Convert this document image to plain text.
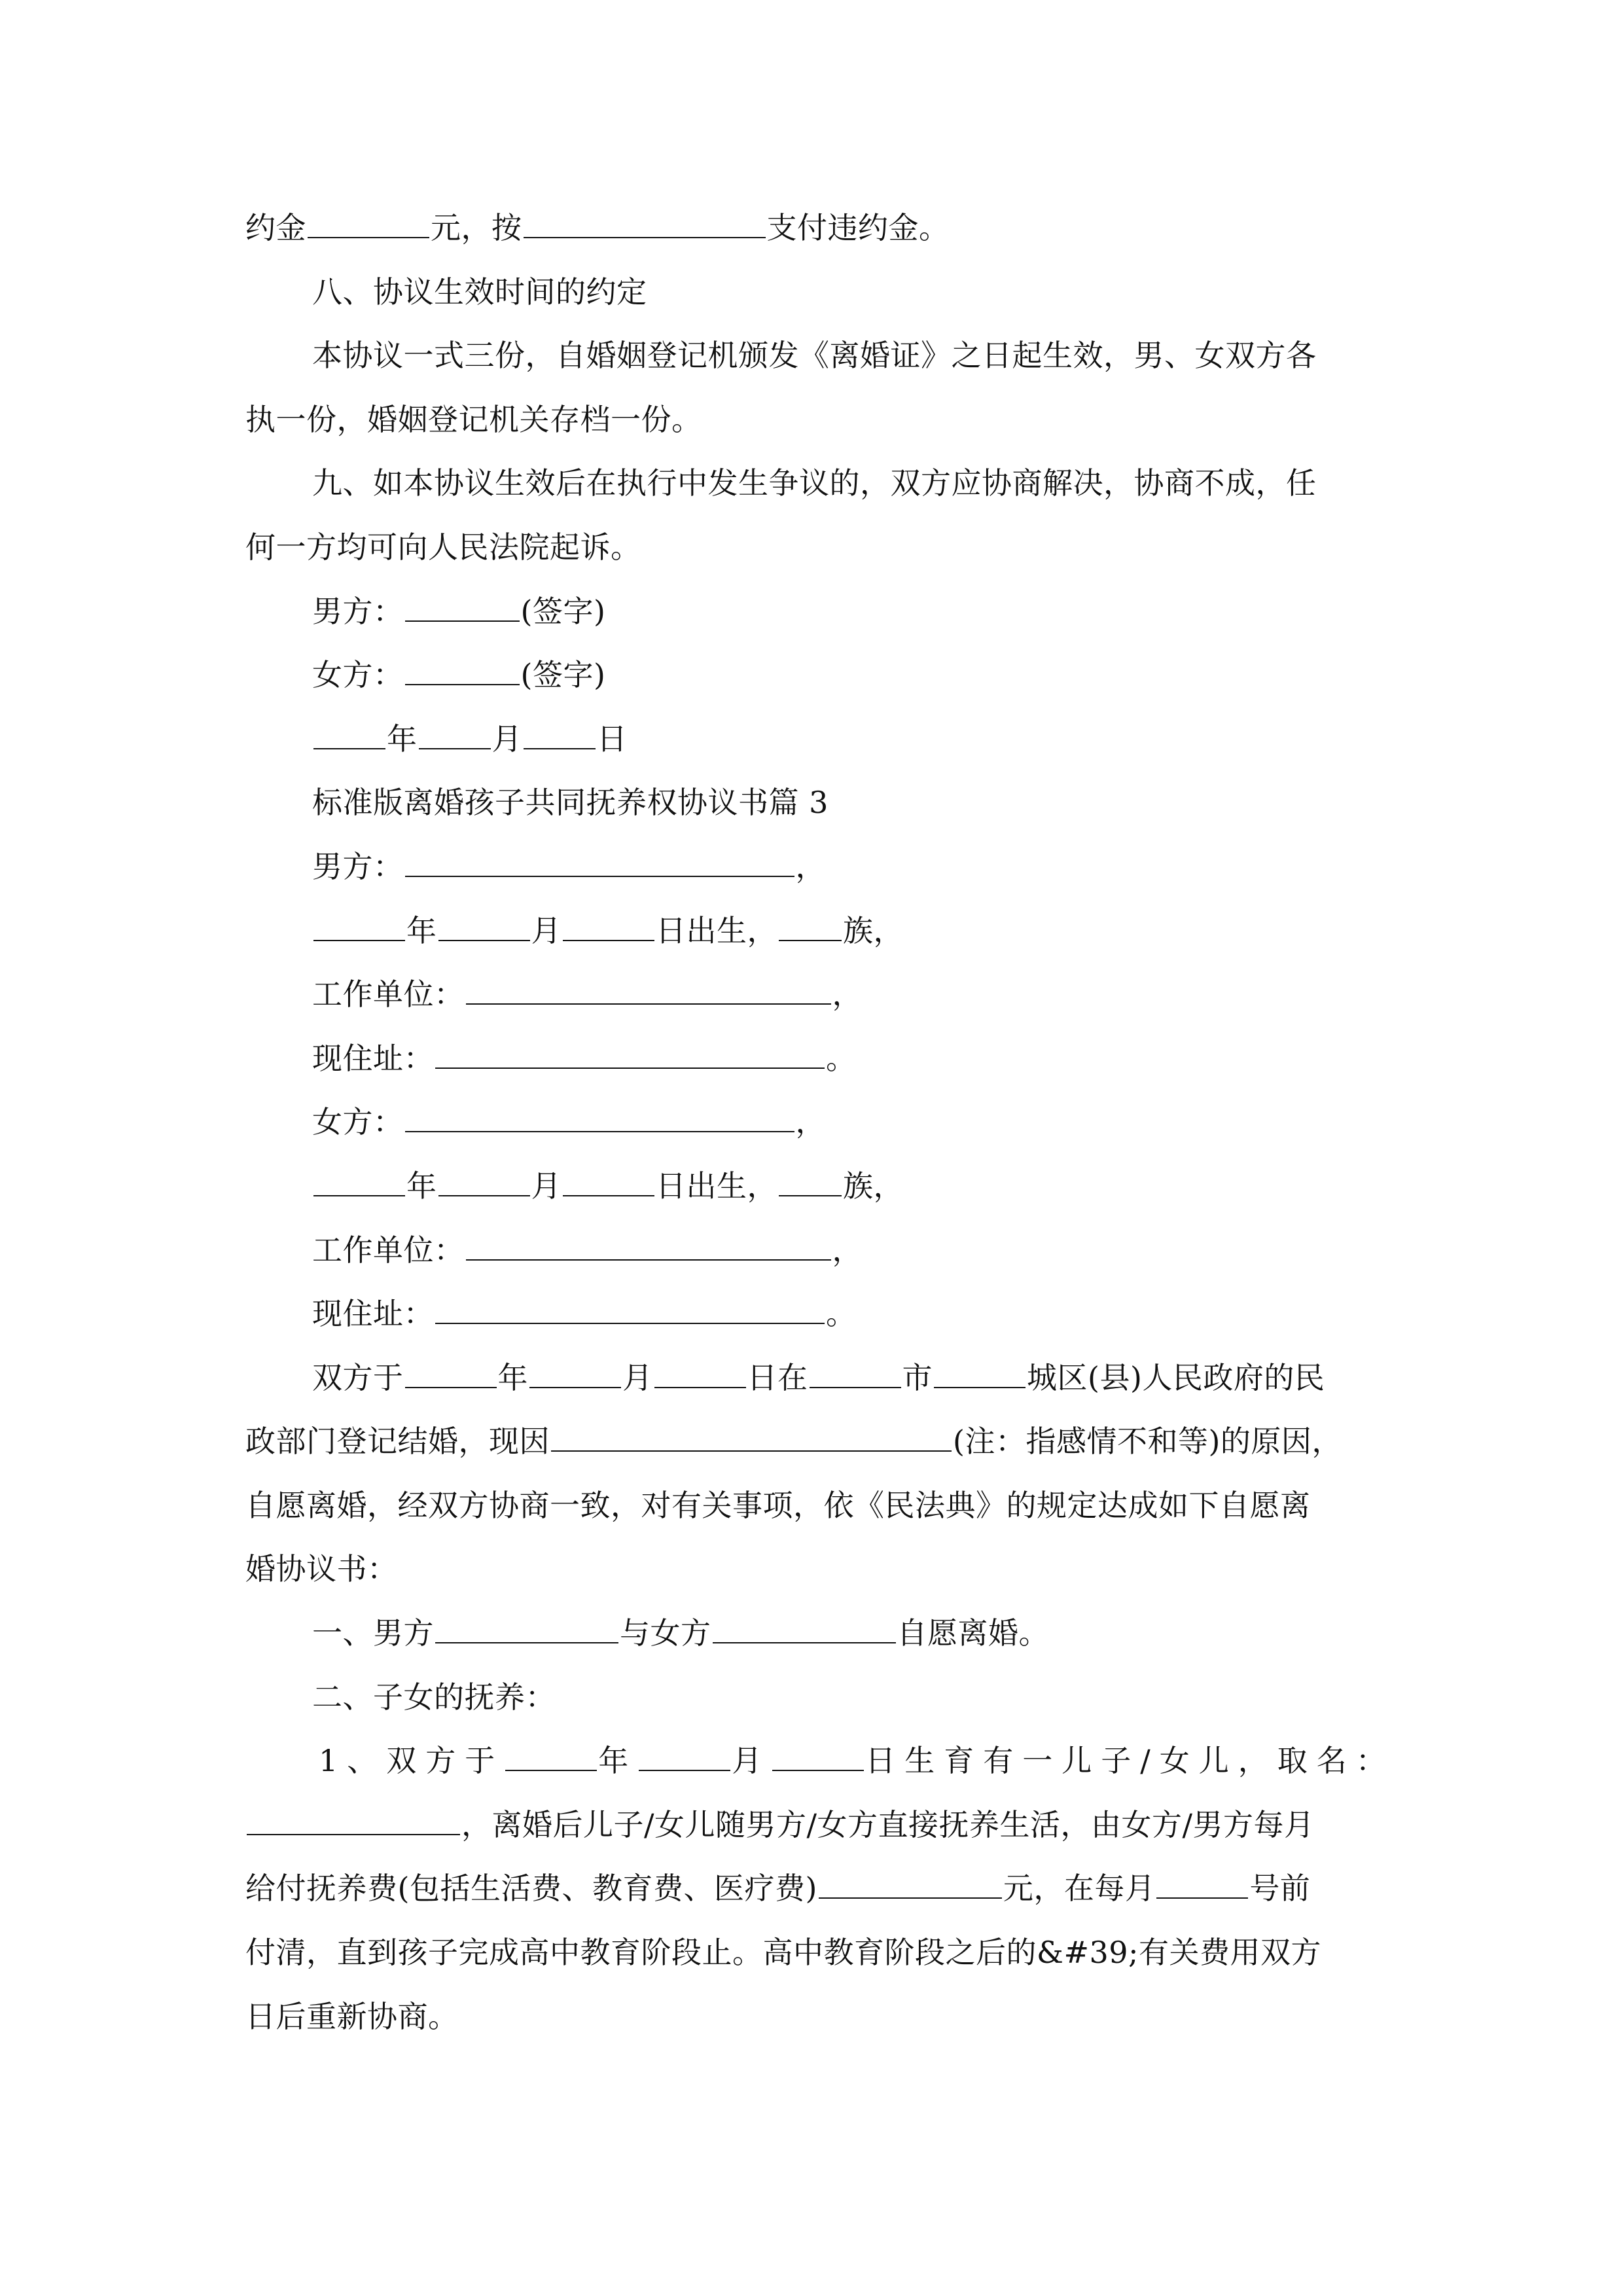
约金	元，按	支付违约金。
八、协议生效时间的约定
本协议一式三份，自婚姻登记机颁发《离婚证》之日起生效，男、女双方各
执一份，婚姻登记机关存档一份。
九、如本协议生效后在执行中发生争议的，双方应协商解决，协商不成，任
何一方均可向人民法院起诉。
男方：	(签字)
女方：	(签字)
年 月 日
标准版离婚孩子共同抚养权协议书篇 3
男方：	，
年	月	日出生， 族，
工作单位：	，
现住址：	。
女方：	，
年	月	日出生， 族，
工作单位：	，
现住址：	。
双方于	年	月	日在	市	城区(县)人民政府的民
政部门登记结婚，现因	(注：指感情不和等)的原因，
自愿离婚，经双方协商一致，对有关事项，依《民法典》的规定达成如下自愿离
婚协议书：
一、男方	与女方	自愿离婚。
二、子女的抚养：
1、双方于	年	月	日生育有一儿子/女儿，取名：
，离婚后儿子/女儿随男方/女方直接抚养生活，由女方/男方每月
给付抚养费(包括生活费、教育费、医疗费)	元，在每月	号前
付清，直到孩子完成高中教育阶段止。高中教育阶段之后的&#39;有关费用双方
日后重新协商。
